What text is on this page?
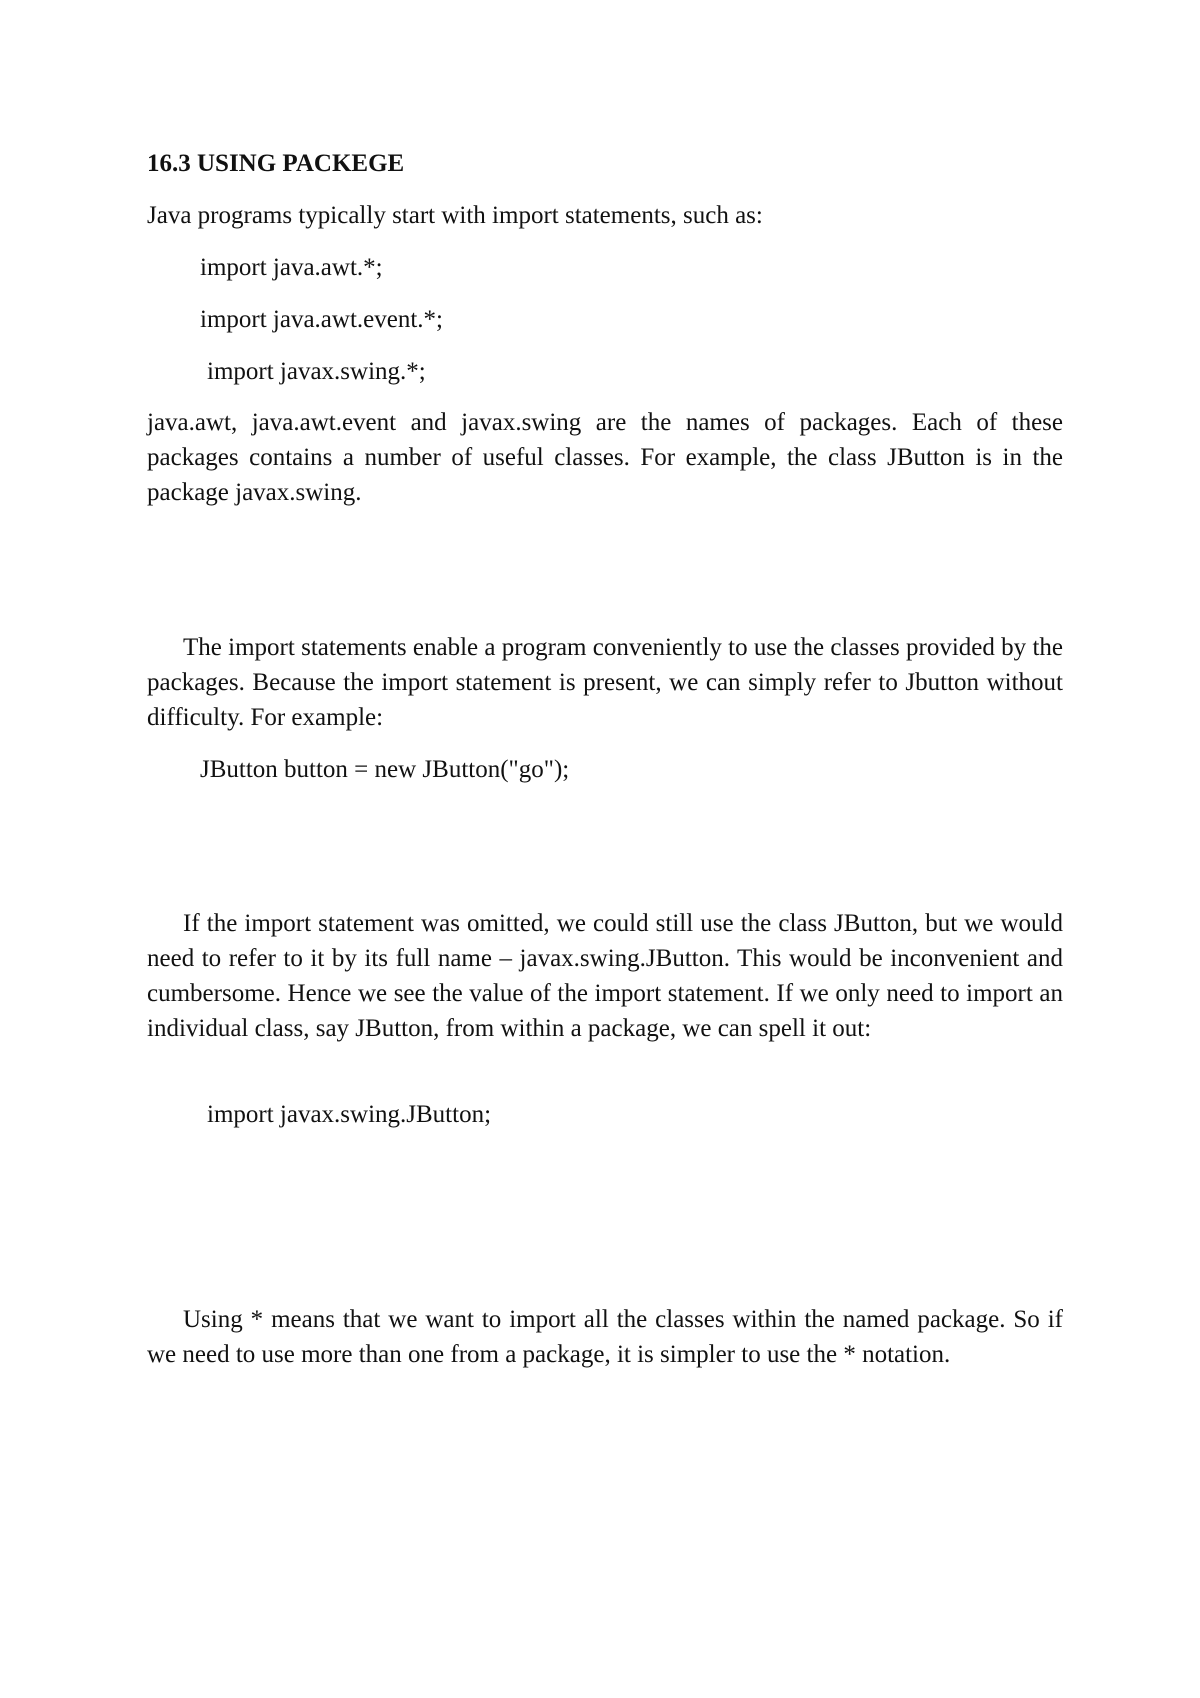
16.3 USING PACKEGE

Java programs typically start with import statements, such as:

import java.awt.*;

import java.awt.event.*;

import javax.swing.*;

java.awt, java.awt.event and javax.swing are the names of packages. Each of these packages contains a number of useful classes. For example, the class JButton is in the package javax.swing.

The import statements enable a program conveniently to use the classes provided by the packages. Because the import statement is present, we can simply refer to Jbutton without difficulty. For example:

JButton button = new JButton("go");

If the import statement was omitted, we could still use the class JButton, but we would need to refer to it by its full name – javax.swing.JButton. This would be inconvenient and cumbersome. Hence we see the value of the import statement. If we only need to import an individual class, say JButton, from within a package, we can spell it out:

import javax.swing.JButton;

Using * means that we want to import all the classes within the named package. So if we need to use more than one from a package, it is simpler to use the * notation.
